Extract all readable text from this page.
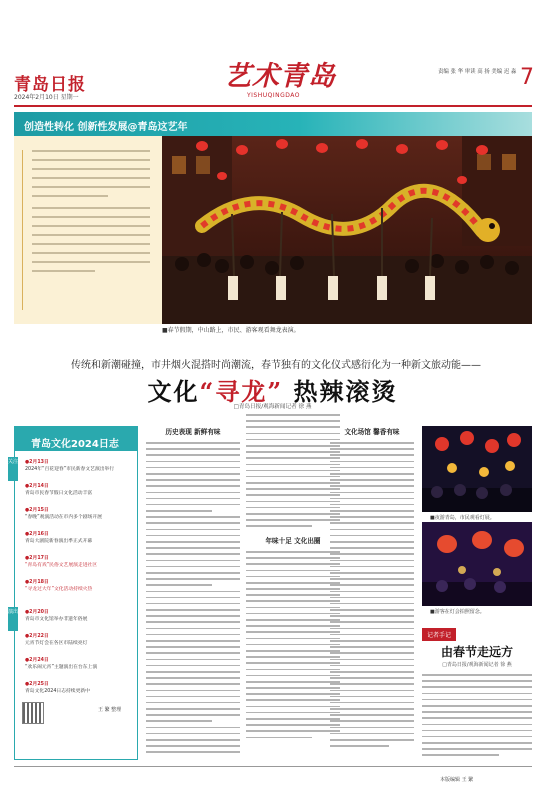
青岛日报
2024年2月10日 星期一
艺术青岛
YISHUQINGDAO
责编 张 华 审读 高 扬 美编 迟 淼 7
创造性转化 创新性发展@青岛这艺年
■春节假期，中山路上，市民、游客观看舞龙表演。
传统和新潮碰撞，市井烟火混搭时尚潮流，春节独有的文化仪式感衍化为一种新文旅动能——
文化“寻龙” 热辣滚烫
□青岛日报/观海新闻记者 徐 燕
青岛文化2024日志
关注
演出
●2月13日
2024年“百花迎春”市民新春文艺演出举行
●2月14日
青岛市民春节假日文化活动丰富
●2月15日
“春晚”观演活动在市内多个剧场开展
●2月16日
青岛大剧院新春演出季正式开幕
●2月17日
“青岛有戏”民俗文艺展演走进社区
●2月18日
“寻龙过大年”文化活动持续火热
●2月20日
青岛市文化馆举办非遗年俗展
●2月22日
元宵节灯会在各区市陆续亮灯
●2月24日
“欢乐闹元宵”主题演出在台东上演
●2月25日
青岛文化2024日志持续更新中
王 繁 整理
历史表现 新鲜有味
年味十足 文化出圈
文化场馆 馨香有味
■夜游青岛，市民观看灯展。
■游客在灯会拍照留念。
记者手记
由春节走远方
□青岛日报/观海新闻记者 徐 燕
本版编辑 王 繁
